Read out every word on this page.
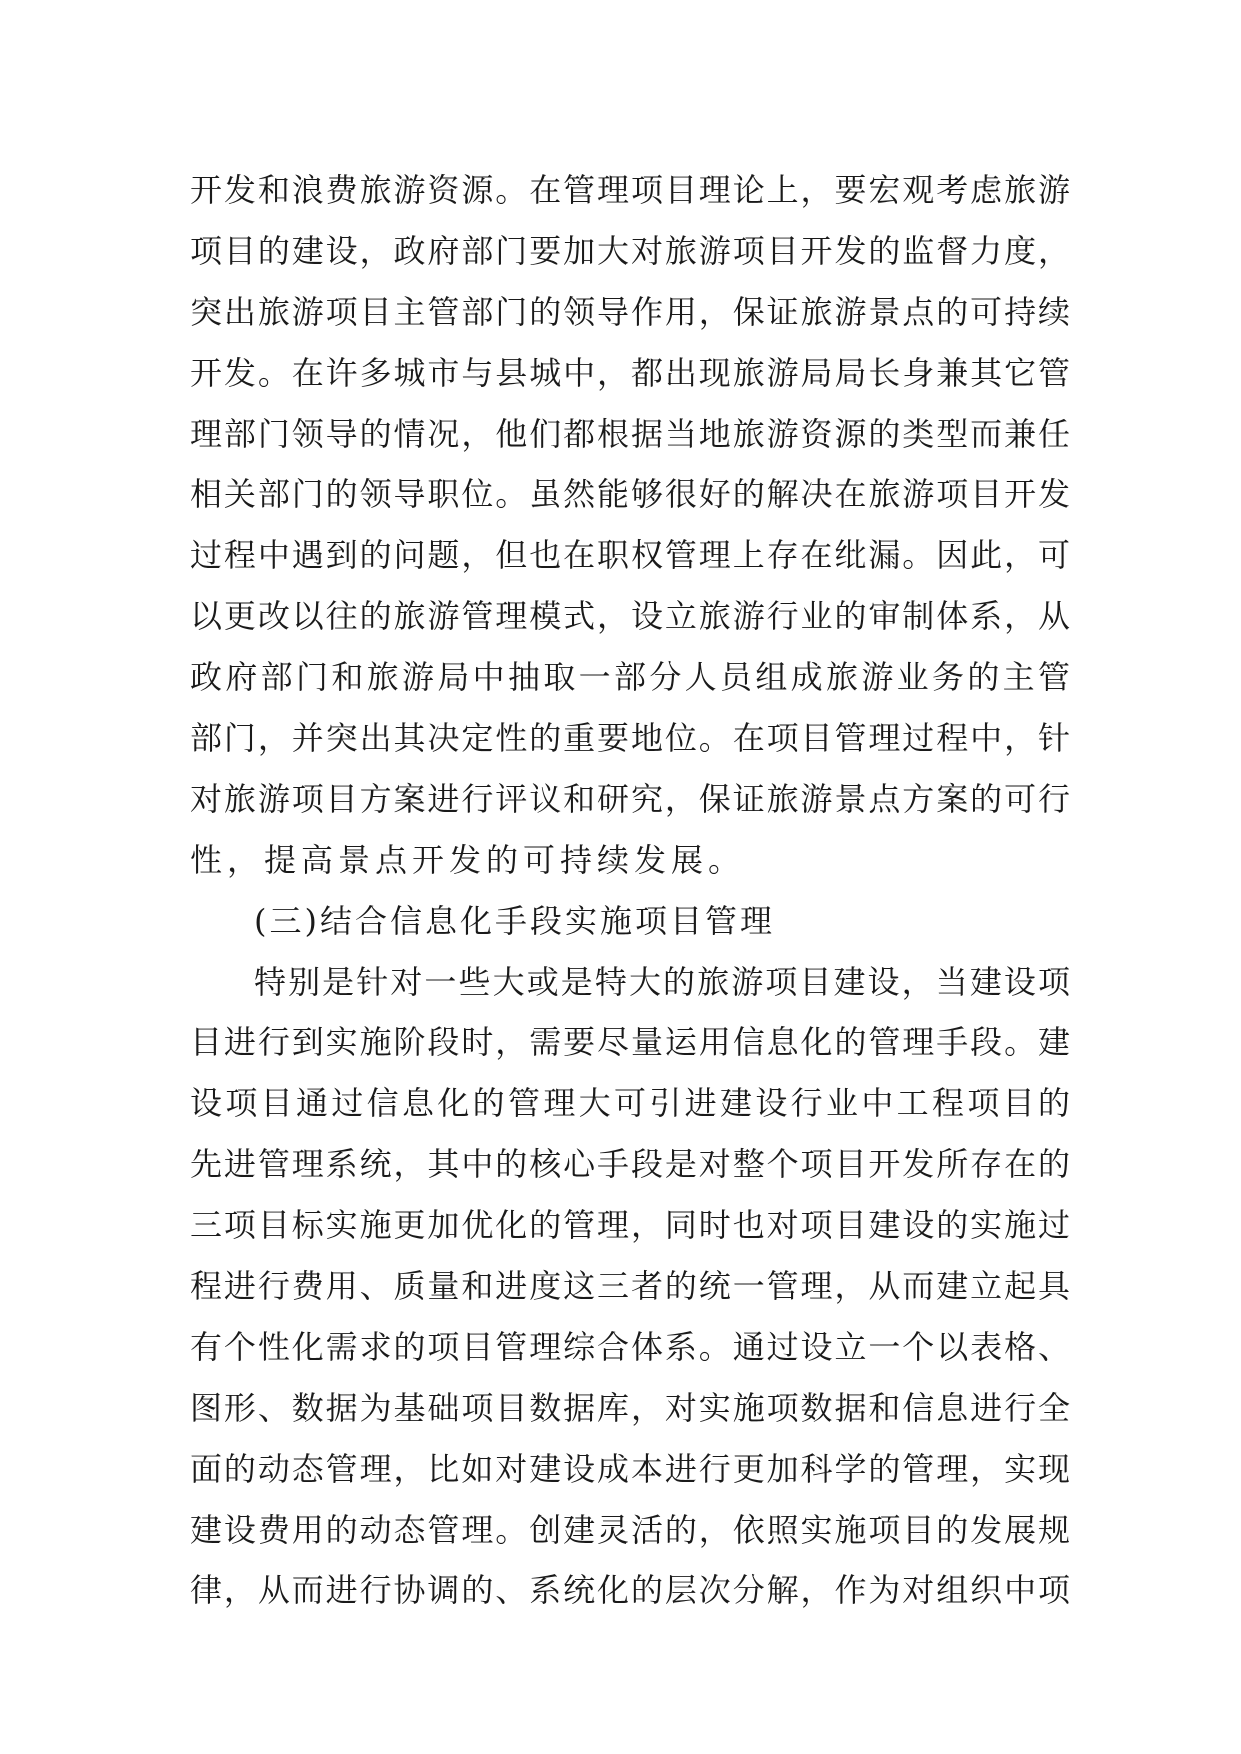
开发和浪费旅游资源。在管理项目理论上，要宏观考虑旅游
项目的建设，政府部门要加大对旅游项目开发的监督力度，
突出旅游项目主管部门的领导作用，保证旅游景点的可持续
开发。在许多城市与县城中，都出现旅游局局长身兼其它管
理部门领导的情况，他们都根据当地旅游资源的类型而兼任
相关部门的领导职位。虽然能够很好的解决在旅游项目开发
过程中遇到的问题，但也在职权管理上存在纰漏。因此，可
以更改以往的旅游管理模式，设立旅游行业的审制体系，从
政府部门和旅游局中抽取一部分人员组成旅游业务的主管
部门，并突出其决定性的重要地位。在项目管理过程中，针
对旅游项目方案进行评议和研究，保证旅游景点方案的可行
性，提高景点开发的可持续发展。
(三)结合信息化手段实施项目管理
特别是针对一些大或是特大的旅游项目建设，当建设项
目进行到实施阶段时，需要尽量运用信息化的管理手段。建
设项目通过信息化的管理大可引进建设行业中工程项目的
先进管理系统，其中的核心手段是对整个项目开发所存在的
三项目标实施更加优化的管理，同时也对项目建设的实施过
程进行费用、质量和进度这三者的统一管理，从而建立起具
有个性化需求的项目管理综合体系。通过设立一个以表格、
图形、数据为基础项目数据库，对实施项数据和信息进行全
面的动态管理，比如对建设成本进行更加科学的管理，实现
建设费用的动态管理。创建灵活的，依照实施项目的发展规
律，从而进行协调的、系统化的层次分解，作为对组织中项
